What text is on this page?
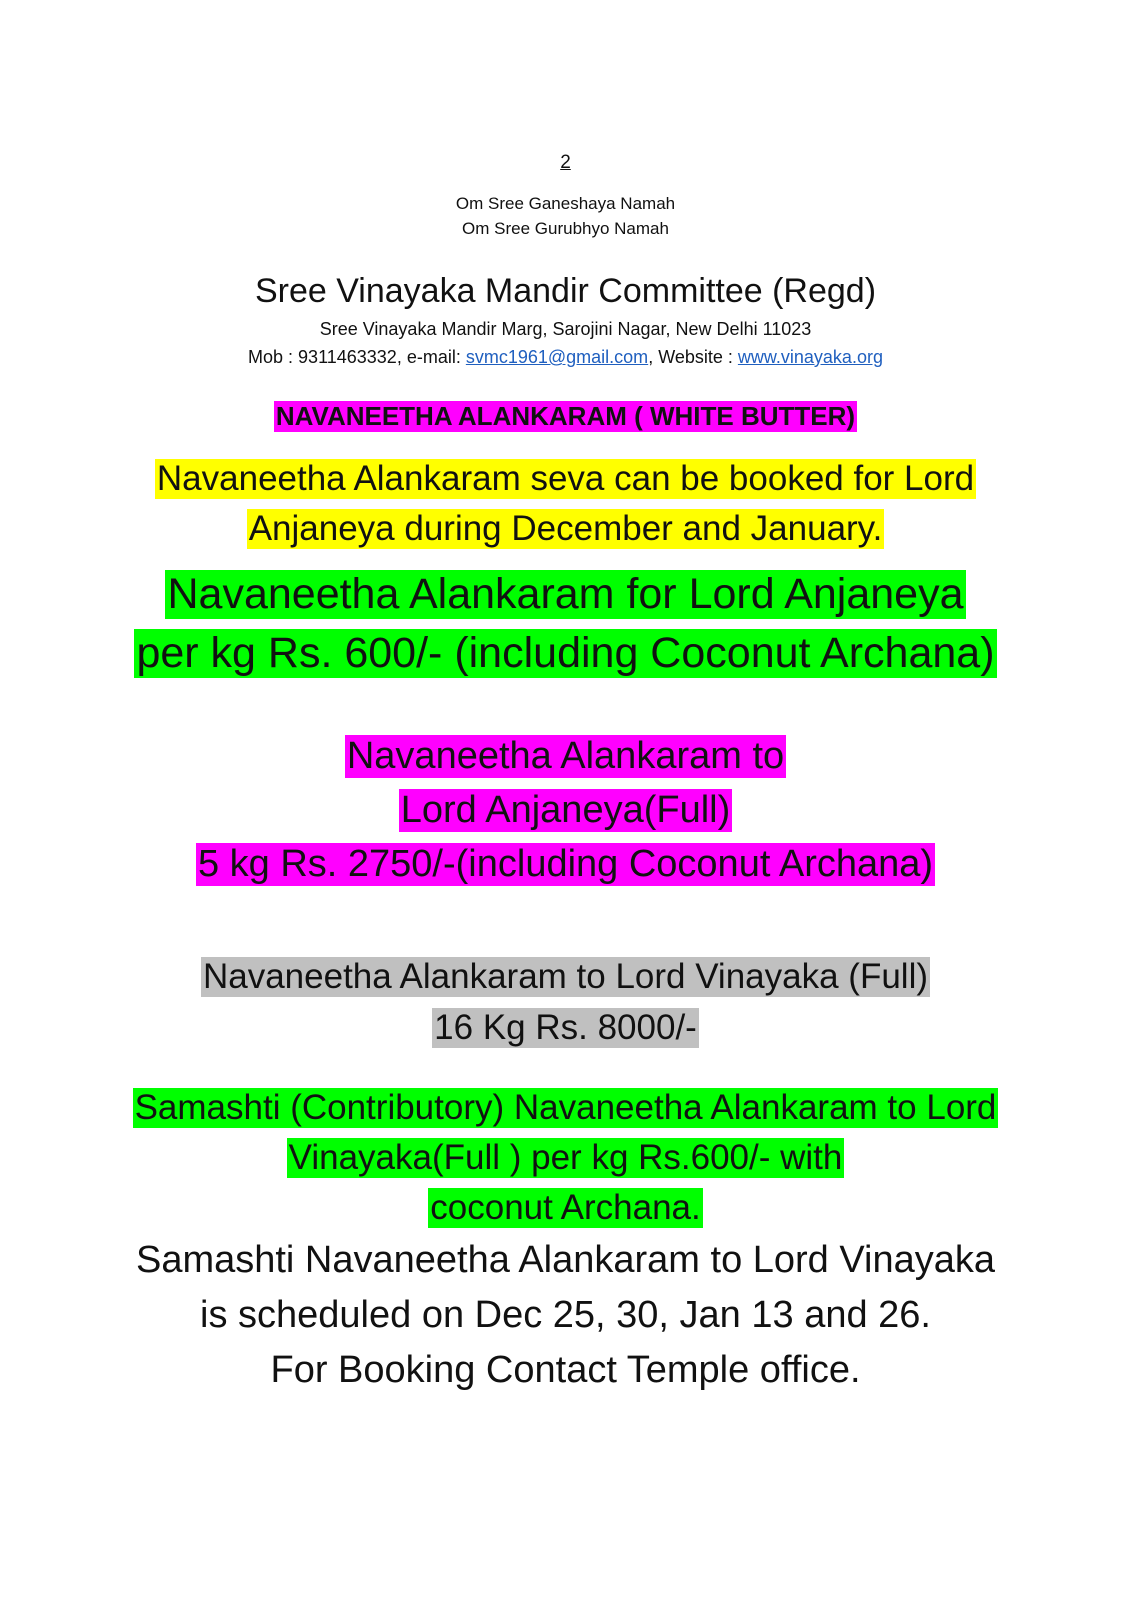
2
Om Sree Ganeshaya Namah
Om Sree Gurubhyo Namah
Sree Vinayaka Mandir Committee (Regd)
Sree Vinayaka Mandir Marg, Sarojini Nagar, New Delhi 11023
Mob : 9311463332, e-mail: svmc1961@gmail.com, Website : www.vinayaka.org
NAVANEETHA ALANKARAM ( WHITE BUTTER)
Navaneetha Alankaram seva can be booked for Lord
Anjaneya during December and January.
Navaneetha Alankaram for Lord Anjaneya
per kg Rs. 600/- (including Coconut Archana)
Navaneetha Alankaram to
Lord Anjaneya(Full)
5 kg Rs. 2750/-(including Coconut Archana)
Navaneetha Alankaram to Lord Vinayaka (Full)
16 Kg Rs. 8000/-
Samashti (Contributory) Navaneetha Alankaram to Lord
Vinayaka(Full ) per kg Rs.600/- with
coconut Archana.
Samashti Navaneetha Alankaram to Lord Vinayaka
is scheduled on Dec 25, 30, Jan 13 and 26.
For Booking Contact Temple office.
